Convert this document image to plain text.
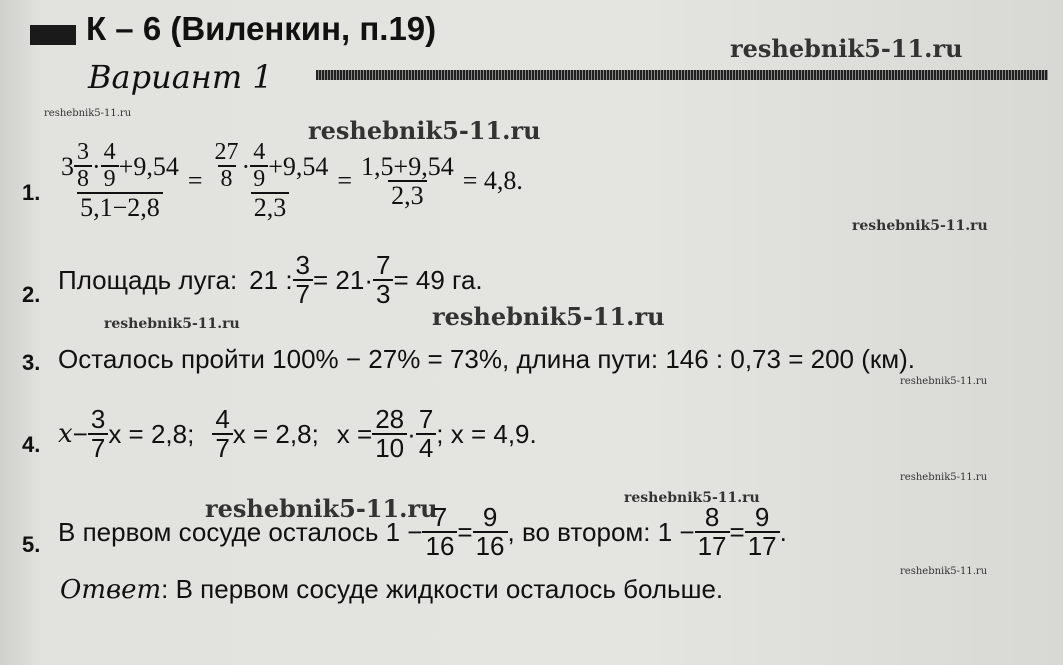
К – 6 (Виленкин, п.19)
Вариант 1
reshebnik5-11.ru
reshebnik5-11.ru
reshebnik5-11.ru
reshebnik5-11.ru
reshebnik5-11.ru	reshebnik5-11.ru
reshebnik5-11.ru
reshebnik5-11.ru
reshebnik5-11.ru	reshebnik5-11.ru
reshebnik5-11.ru
1. $\frac{3 \frac{3}{8} \cdot \frac{4}{9} +9,54}{5,1-2,8} = \frac{\frac{27}{8} \cdot \frac{4}{9} +9,54}{2,3} = \frac{1,5+9,54}{2,3} = 4,8$.
2. Площадь луга: 21 : $\frac{3}{7} = 21\cdot \frac{7}{3} = 49$ га.
3. Осталось пройти 100% − 27% = 73%, длина пути: 146 : 0,73 = 200 (км).
4. $x - \frac{3}{7}$ x = 2,8; $\frac{4}{7}$ x = 2,8; $x = \frac{28}{10} \cdot \frac{7}{4}$ ; x = 4,9.
5. В первом сосуде осталось $1 - \frac{7}{16} = \frac{9}{16}$ , во втором: $1 - \frac{8}{17} = \frac{9}{17}$ .
Ответ: В первом сосуде жидкости осталось больше.
